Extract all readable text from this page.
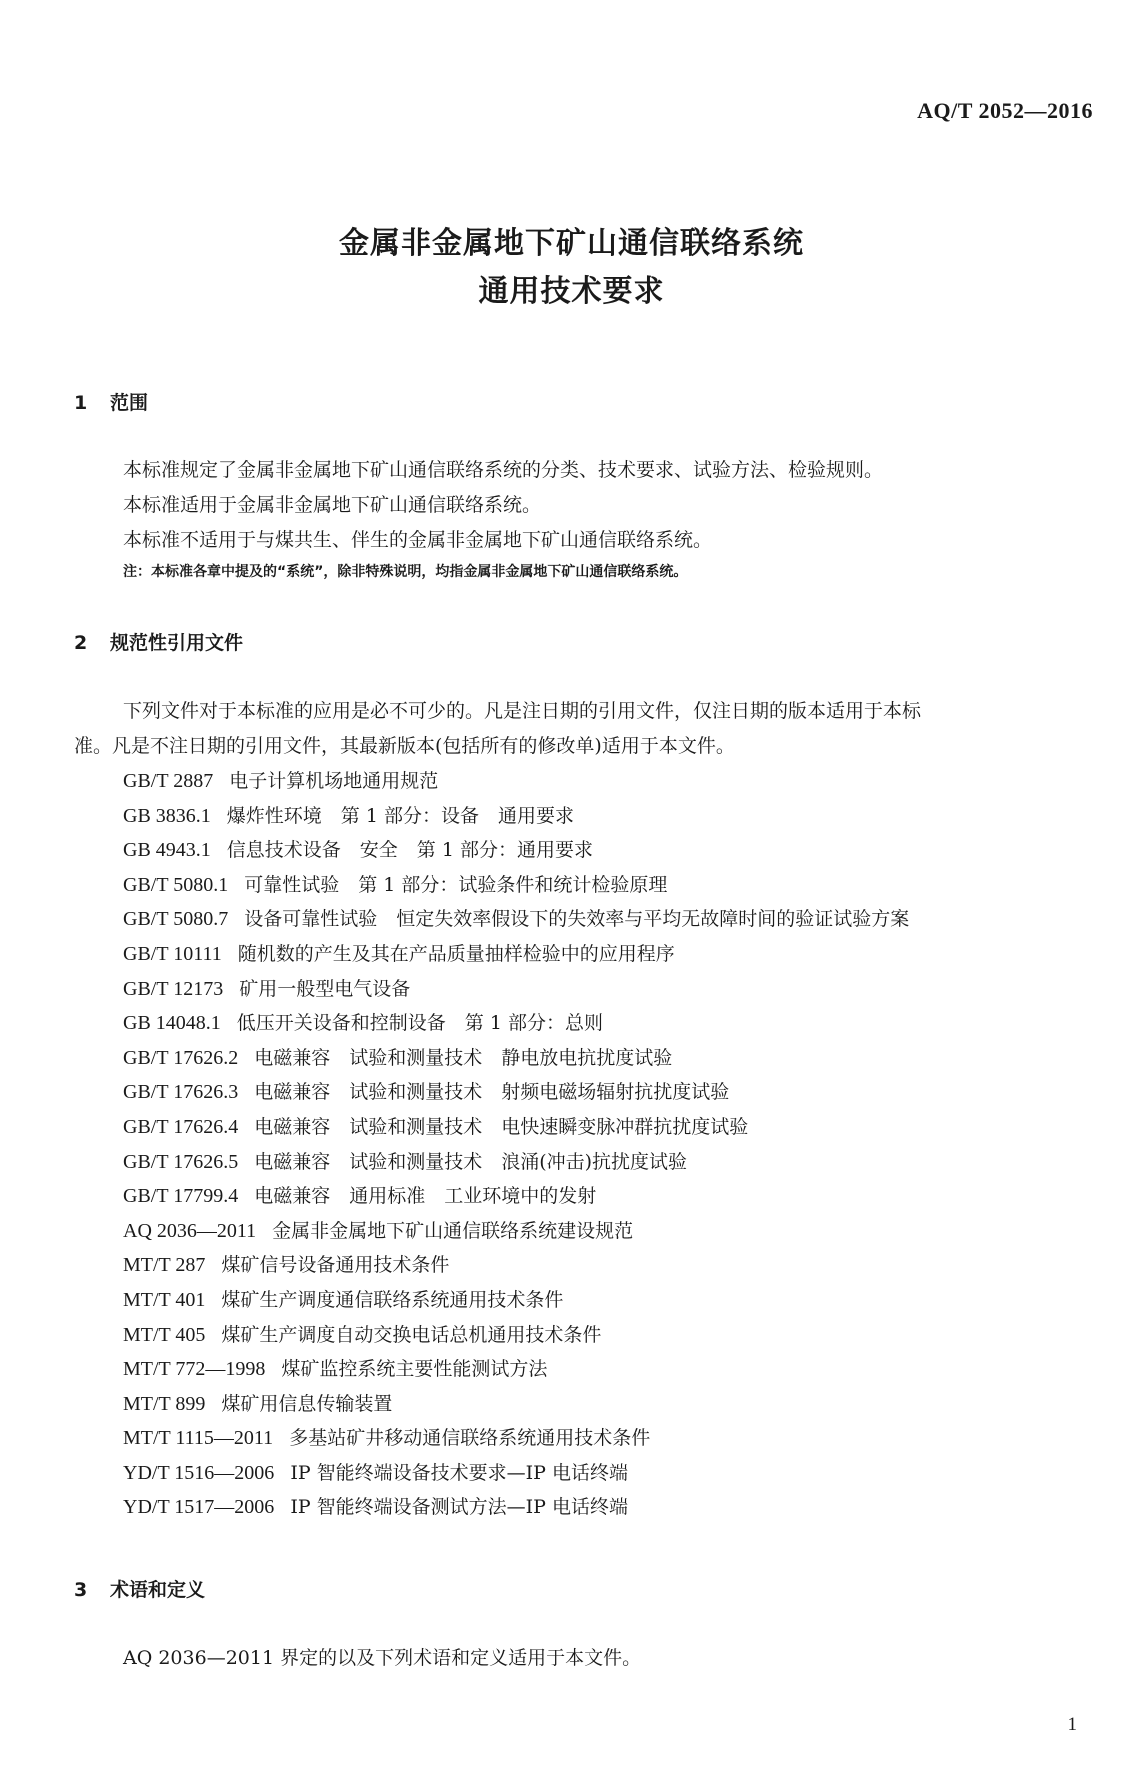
AQ/T 2052—2016
金属非金属地下矿山通信联络系统
通用技术要求
1 范围
本标准规定了金属非金属地下矿山通信联络系统的分类、技术要求、试验方法、检验规则。
本标准适用于金属非金属地下矿山通信联络系统。
本标准不适用于与煤共生、伴生的金属非金属地下矿山通信联络系统。
注：本标准各章中提及的“系统”，除非特殊说明，均指金属非金属地下矿山通信联络系统。
2 规范性引用文件
下列文件对于本标准的应用是必不可少的。凡是注日期的引用文件，仅注日期的版本适用于本标
准。凡是不注日期的引用文件，其最新版本(包括所有的修改单)适用于本文件。
GB/T 2887 电子计算机场地通用规范
GB 3836.1 爆炸性环境　第 1 部分：设备　通用要求
GB 4943.1 信息技术设备　安全　第 1 部分：通用要求
GB/T 5080.1 可靠性试验　第 1 部分：试验条件和统计检验原理
GB/T 5080.7 设备可靠性试验　恒定失效率假设下的失效率与平均无故障时间的验证试验方案
GB/T 10111 随机数的产生及其在产品质量抽样检验中的应用程序
GB/T 12173 矿用一般型电气设备
GB 14048.1 低压开关设备和控制设备　第 1 部分：总则
GB/T 17626.2 电磁兼容　试验和测量技术　静电放电抗扰度试验
GB/T 17626.3 电磁兼容　试验和测量技术　射频电磁场辐射抗扰度试验
GB/T 17626.4 电磁兼容　试验和测量技术　电快速瞬变脉冲群抗扰度试验
GB/T 17626.5 电磁兼容　试验和测量技术　浪涌(冲击)抗扰度试验
GB/T 17799.4 电磁兼容　通用标准　工业环境中的发射
AQ 2036—2011 金属非金属地下矿山通信联络系统建设规范
MT/T 287 煤矿信号设备通用技术条件
MT/T 401 煤矿生产调度通信联络系统通用技术条件
MT/T 405 煤矿生产调度自动交换电话总机通用技术条件
MT/T 772—1998 煤矿监控系统主要性能测试方法
MT/T 899 煤矿用信息传输装置
MT/T 1115—2011 多基站矿井移动通信联络系统通用技术条件
YD/T 1516—2006 IP 智能终端设备技术要求—IP 电话终端
YD/T 1517—2006 IP 智能终端设备测试方法—IP 电话终端
3 术语和定义
AQ 2036—2011 界定的以及下列术语和定义适用于本文件。
1
